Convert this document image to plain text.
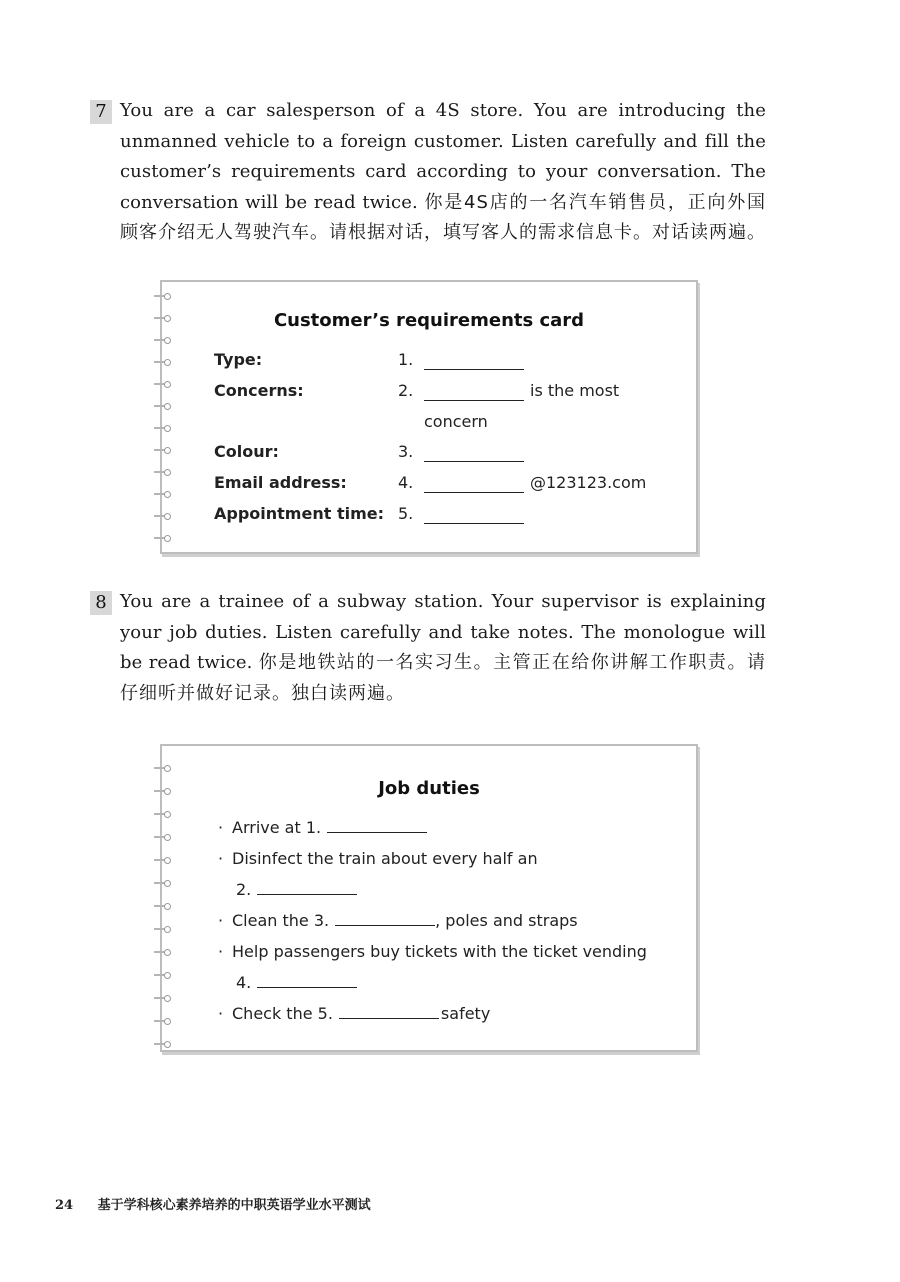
7 You are a car salesperson of a 4S store. You are introducing the unmanned vehicle to a foreign customer. Listen carefully and fill the customer’s requirements card according to your conversation. The conversation will be read twice. 你是4S店的一名汽车销售员，正向外国顾客介绍无人驾驶汽车。请根据对话，填写客人的需求信息卡。对话读两遍。
Customer’s requirements card
Type:	1.
Concerns:	2.	is the most
concern
Colour:	3.
Email address:	4.	@123123.com
Appointment time: 5.
8 You are a trainee of a subway station. Your supervisor is explaining your job duties. Listen carefully and take notes. The monologue will be read twice. 你是地铁站的一名实习生。主管正在给你讲解工作职责。请仔细听并做好记录。独白读两遍。
Job duties
· Arrive at 1.
· Disinfect the train about every half an
2.
· Clean the 3.	, poles and straps
· Help passengers buy tickets with the ticket vending
4.
· Check the 5.	safety
24 基于学科核心素养培养的中职英语学业水平测试
